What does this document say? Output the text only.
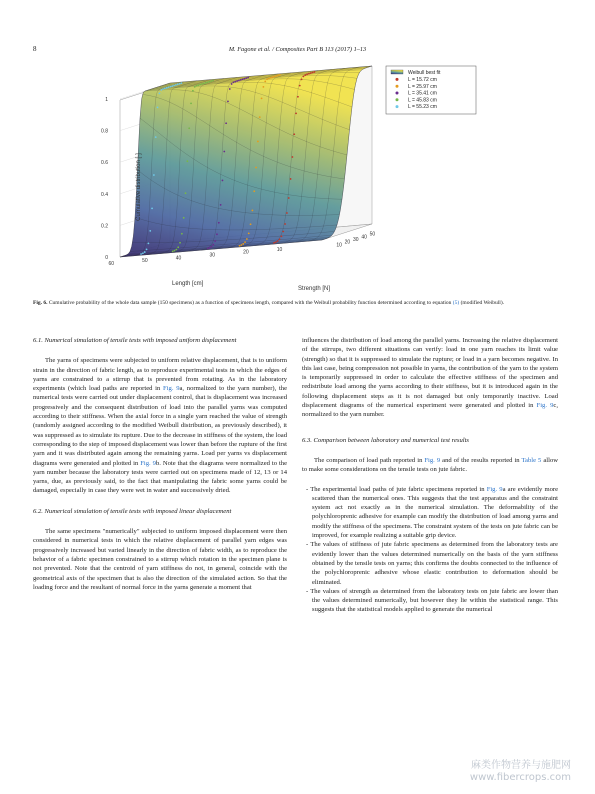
8	M. Fagone et al. / Composites Part B 113 (2017) 1–13
Cumulative distribution [-]
1
0.8
0.6
0.4
0.2
0
60	50	40	30	20	10
10 20 30 40 50
Length [cm]
Strength [N]
Weibull best fit
L = 15.72 cm
L = 25.97 cm
L = 35.41 cm
L = 45.83 cm
L = 55.23 cm
Fig. 6. Cumulative probability of the whole data sample (150 specimens) as a function of specimens length, compared with the Weibull probability function determined according to equation (5) (modified Weibull).
6.1. Numerical simulation of tensile tests with imposed uniform displacement

The yarns of specimens were subjected to uniform relative displacement, that is to uniform strain in the direction of fabric length, as to reproduce experimental tests in which the edges of yarns are constrained to a stirrup that is prevented from rotating. As in the laboratory experiments (which load paths are reported in Fig. 9a, normalized to the yarn number), the numerical tests were carried out under displacement control, that is displacement was increased progressively and the consequent distribution of load into the parallel yarns was computed according to their stiffness. When the axial force in a single yarn reached the value of strength (randomly assigned according to the modified Weibull distribution, as previously described), it was suppressed as to simulate its rupture. Due to the decrease in stiffness of the system, the load corresponding to the step of imposed displacement was lower than before the rupture of the first yarn and it was distributed again among the remaining yarns. Load per yarns vs displacement diagrams were generated and plotted in Fig. 9b. Note that the diagrams were normalized to the yarn number because the laboratory tests were carried out on specimens made of 12, 13 or 14 yarns, due, as previously said, to the fact that manipulating the fabric some yarns could be damaged, especially in case they were wet in water and successively dried.

6.2. Numerical simulation of tensile tests with imposed linear displacement

The same specimens "numerically" subjected to uniform imposed displacement were then considered in numerical tests in which the relative displacement of parallel yarn edges was progressively increased but varied linearly in the direction of fabric width, as to reproduce the behavior of a fabric specimen constrained to a stirrup which rotation in the specimen plane is not prevented. Note that the centroid of yarn stiffness do not, in general, coincide with the geometrical axis of the specimen that is also the direction of the simulated action. So that the loading force and the resultant of normal force in the yarns generate a moment that

influences the distribution of load among the parallel yarns. Increasing the relative displacement of the stirrups, two different situations can verify: load in one yarn reaches its limit value (strength) so that it is suppressed to simulate the rupture; or load in a yarn becomes negative. In this last case, being compression not possible in yarns, the contribution of the yarn to the system is temporarily suppressed in order to calculate the effective stiffness of the specimen and redistribute load among the yarns according to their stiffness, but it is introduced again in the following displacement steps as it is not damaged but only temporarily inactive. Load displacement diagrams of the numerical experiment were generated and plotted in Fig. 9c, normalized to the yarn number.

6.3. Comparison between laboratory and numerical test results

The comparison of load path reported in Fig. 9 and of the results reported in Table 5 allow to make some considerations on the tensile tests on jute fabric.

- The experimental load paths of jute fabric specimens reported in Fig. 9a are evidently more scattered than the numerical ones. This suggests that the test apparatus and the constraint system act not exactly as in the numerical simulation. The deformability of the polychloroprenic adhesive for example can modify the distribution of load among yarns and modify the stiffness of the specimens. The constraint system of the tests on jute fabric can be improved, for example realizing a suitable grip device.
- The values of stiffness of jute fabric specimens as determined from the laboratory tests are evidently lower than the values determined numerically on the basis of the yarn stiffness obtained by the tensile tests on yarns; this confirms the doubts connected to the influence of the polychloroprenic adhesive whose elastic contribution to deformation should be eliminated.
- The values of strength as determined from the laboratory tests on jute fabric are lower than the values determined numerically, but however they lie within the statistical range. This suggests that the statistical models applied to generate the numerical
麻类作物营养与施肥网
www.fibercrops.com
